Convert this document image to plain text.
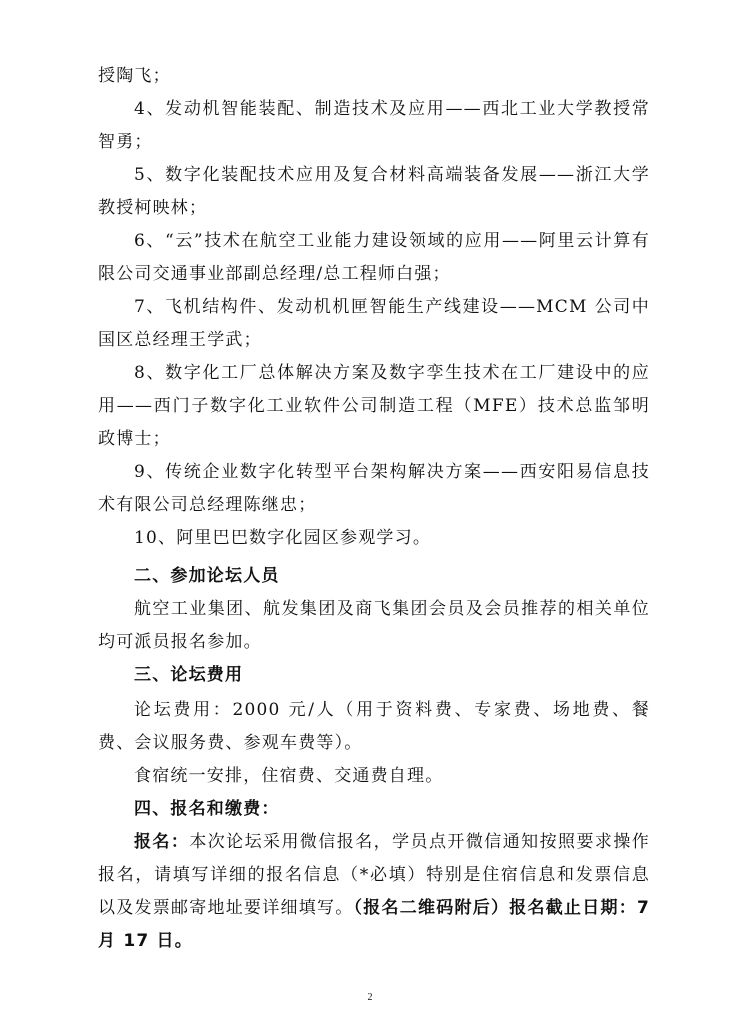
授陶飞；

4、发动机智能装配、制造技术及应用——西北工业大学教授常智勇；

5、数字化装配技术应用及复合材料高端装备发展——浙江大学教授柯映林；

6、“云”技术在航空工业能力建设领域的应用——阿里云计算有限公司交通事业部副总经理/总工程师白强；

7、飞机结构件、发动机机匣智能生产线建设——MCM 公司中国区总经理王学武；

8、数字化工厂总体解决方案及数字孪生技术在工厂建设中的应用——西门子数字化工业软件公司制造工程（MFE）技术总监邹明政博士；

9、传统企业数字化转型平台架构解决方案——西安阳易信息技术有限公司总经理陈继忠；

10、阿里巴巴数字化园区参观学习。

二、参加论坛人员

航空工业集团、航发集团及商飞集团会员及会员推荐的相关单位均可派员报名参加。

三、论坛费用

论坛费用：2000 元/人（用于资料费、专家费、场地费、餐费、会议服务费、参观车费等）。

食宿统一安排，住宿费、交通费自理。

四、报名和缴费：

报名：本次论坛采用微信报名，学员点开微信通知按照要求操作报名，请填写详细的报名信息（*必填）特别是住宿信息和发票信息以及发票邮寄地址要详细填写。（报名二维码附后）报名截止日期：7 月 17 日。

2
